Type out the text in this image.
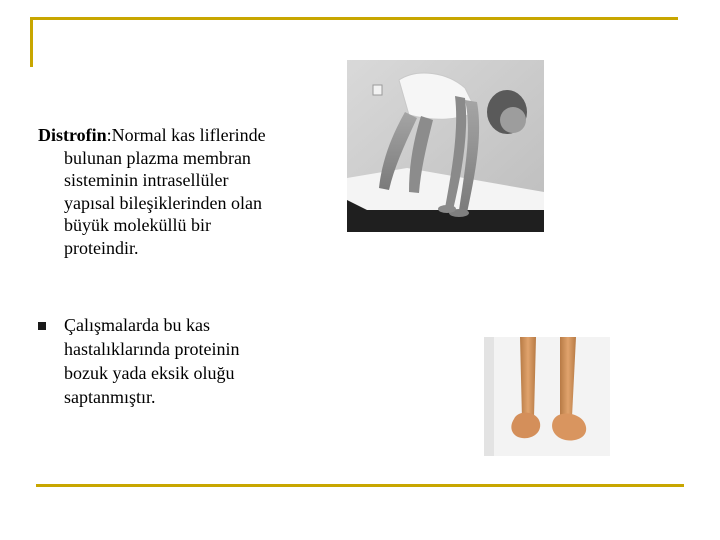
Distrofin:Normal kas liflerinde
bulunan plazma membran
sisteminin intrasellüler
yapısal bileşiklerinden olan
büyük moleküllü bir
proteindir.
Çalışmalarda bu kas
hastalıklarında proteinin
bozuk yada eksik oluğu
saptanmıştır.
